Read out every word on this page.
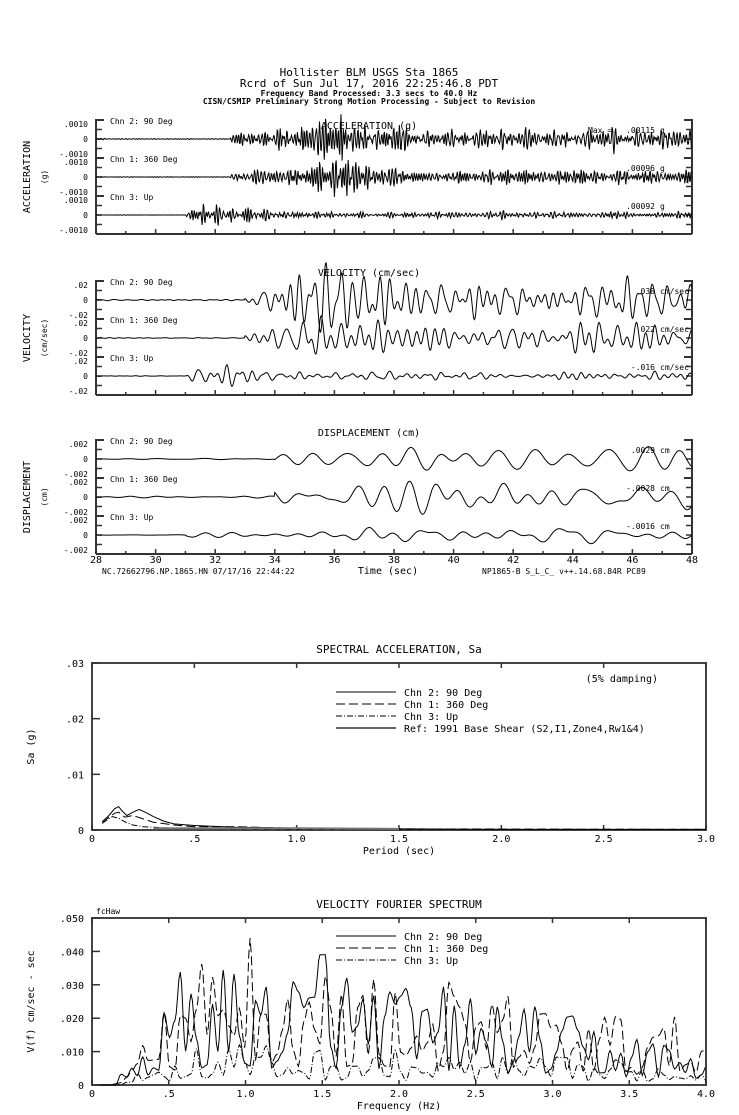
Hollister BLM USGS Sta 1865
Rcrd of Sun Jul 17, 2016 22:25:46.8 PDT
Frequency Band Processed: 3.3 secs to 40.0 Hz
CISN/CSMIP Preliminary Strong Motion Processing - Subject to Revision
ACCELERATION (g)
ACCELERATION (g)
.0010
0
-.0010
Chn 2: 90 Deg
Max = .00115 g
.0010
0
-.0010
Chn 1: 360 Deg
.00096 g
.0010
0
-.0010
Chn 3: Up
.00092 g
VELOCITY (cm/sec)
VELOCITY (cm/sec)
.02
0
-.02
Chn 2: 90 Deg
.038 cm/sec
.02
0
-.02
Chn 1: 360 Deg
022 cm/sec
.02
0
-.02
Chn 3: Up
-.016 cm/sec
DISPLACEMENT (cm)
DISPLACEMENT (cm)
.002
0
-.002
Chn 2: 90 Deg
.0029 cm
.002
0
-.002
Chn 1: 360 Deg
-.0028 cm
.002
0
-.002
Chn 3: Up
-.0016 cm
28	30	32	34	36	38	40	42	44	46	48
Time (sec)
NC.72662796.NP.1865.HN 07/17/16 22:44:22	NP1865-B S_L_C_ v++.14.68.84R PC89
SPECTRAL ACCELERATION, Sa
0	.5	1.0	1.5	2.0	2.5	3.0
.03
.02
.01
0
Period (sec)
Sa (g)
Chn 2: 90 Deg
Chn 1: 360 Deg
Chn 3: Up
Ref: 1991 Base Shear (S2,I1,Zone4,Rw1&4)
(5% damping)
VELOCITY FOURIER SPECTRUM
0	.5	1.0	1.5	2.0	2.5	3.0	3.5	4.0
.050
.040
.030
.020
.010
0
Frequency (Hz)
V(f) cm/sec - sec
Chn 2: 90 Deg
Chn 1: 360 Deg
Chn 3: Up
fcHaw
